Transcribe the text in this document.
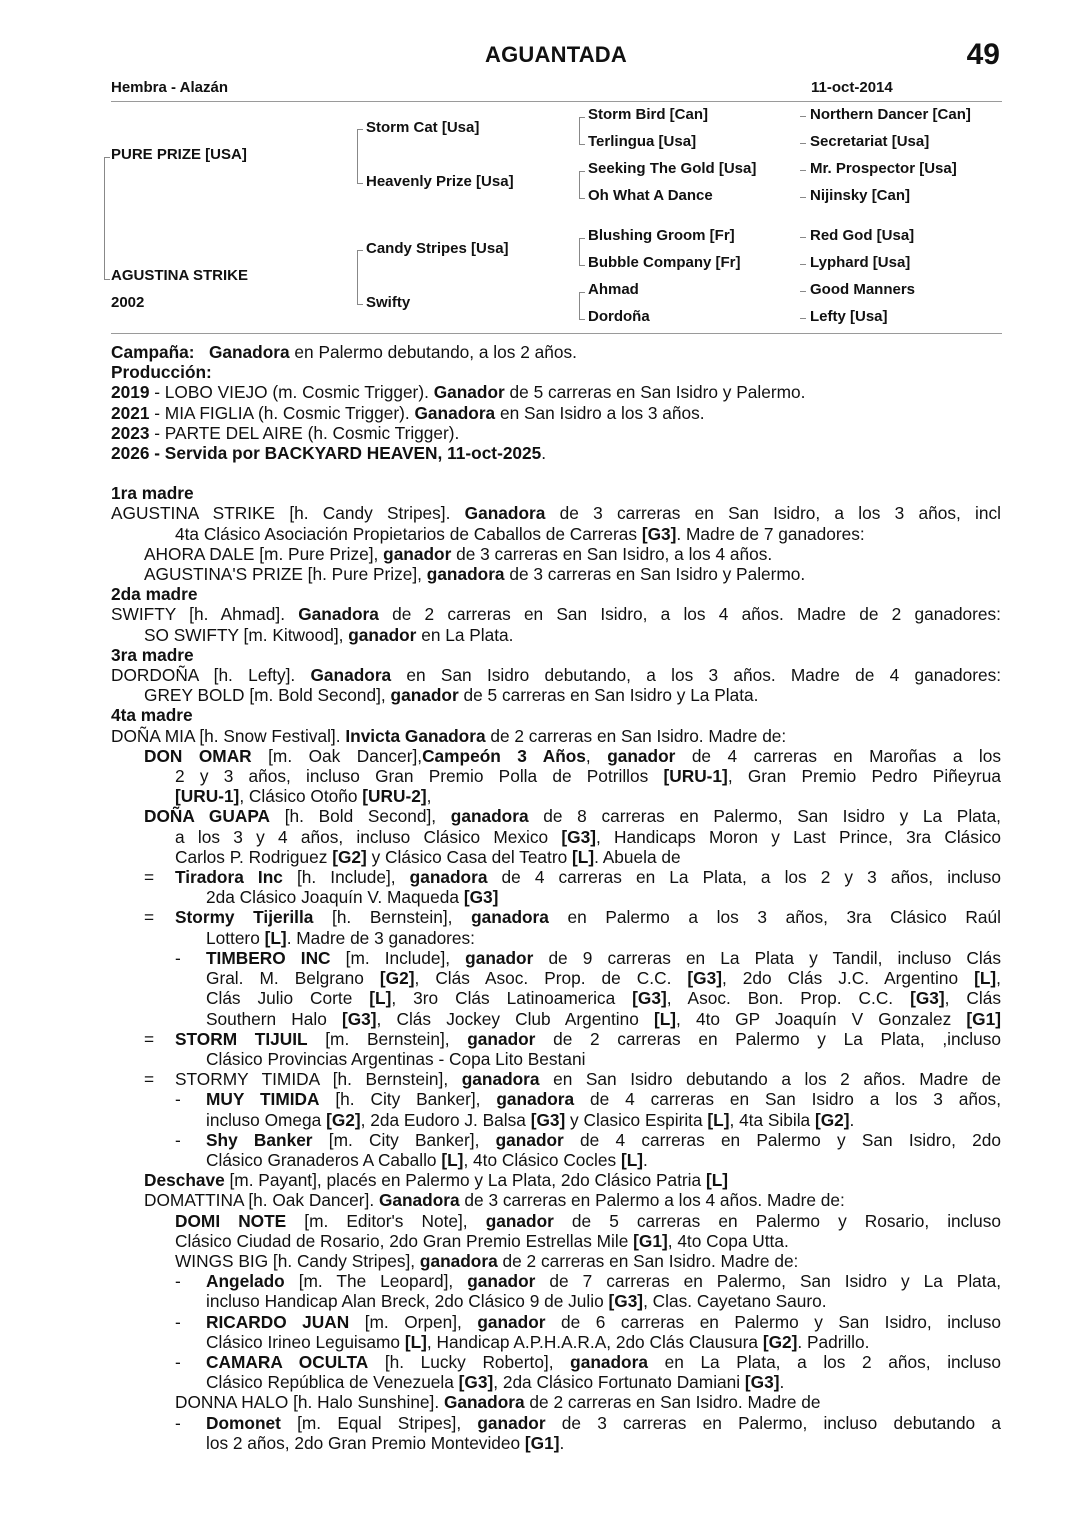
AGUANTADA	49
Hembra - Alazán	11-oct-2014
PURE PRIZE [USA]
AGUSTINA STRIKE
2002
Storm Cat [Usa]
Heavenly Prize [Usa]
Candy Stripes [Usa]
Swifty
Storm Bird [Can]
Terlingua [Usa]
Seeking The Gold [Usa]
Oh What A Dance
Blushing Groom [Fr]
Bubble Company [Fr]
Ahmad
Dordoña
Northern Dancer [Can]
Secretariat [Usa]
Mr. Prospector [Usa]
Nijinsky [Can]
Red God [Usa]
Lyphard [Usa]
Good Manners
Lefty [Usa]
Campaña: Ganadora en Palermo debutando, a los 2 años.
Producción:
2019 - LOBO VIEJO (m. Cosmic Trigger). Ganador de 5 carreras en San Isidro y Palermo.
2021 - MIA FIGLIA (h. Cosmic Trigger). Ganadora en San Isidro a los 3 años.
2023 - PARTE DEL AIRE (h. Cosmic Trigger).
2026 - Servida por BACKYARD HEAVEN, 11-oct-2025.
1ra madre
AGUSTINA STRIKE [h. Candy Stripes]. Ganadora de 3 carreras en San Isidro, a los 3 años, incl
4ta Clásico Asociación Propietarios de Caballos de Carreras [G3]. Madre de 7 ganadores:
AHORA DALE [m. Pure Prize], ganador de 3 carreras en San Isidro, a los 4 años.
AGUSTINA'S PRIZE [h. Pure Prize], ganadora de 3 carreras en San Isidro y Palermo.
2da madre
SWIFTY [h. Ahmad]. Ganadora de 2 carreras en San Isidro, a los 4 años. Madre de 2 ganadores:
SO SWIFTY [m. Kitwood], ganador en La Plata.
3ra madre
DORDOÑA [h. Lefty]. Ganadora en San Isidro debutando, a los 3 años. Madre de 4 ganadores:
GREY BOLD [m. Bold Second], ganador de 5 carreras en San Isidro y La Plata.
4ta madre
DOÑA MIA [h. Snow Festival]. Invicta Ganadora de 2 carreras en San Isidro. Madre de:
DON OMAR [m. Oak Dancer],Campeón 3 Años, ganador de 4 carreras en Maroñas a los
2 y 3 años, incluso Gran Premio Polla de Potrillos [URU-1], Gran Premio Pedro Piñeyrua
[URU-1], Clásico Otoño [URU-2],
DOÑA GUAPA [h. Bold Second], ganadora de 8 carreras en Palermo, San Isidro y La Plata,
a los 3 y 4 años, incluso Clásico Mexico [G3], Handicaps Moron y Last Prince, 3ra Clásico
Carlos P. Rodriguez [G2] y Clásico Casa del Teatro [L]. Abuela de
= Tiradora Inc [h. Include], ganadora de 4 carreras en La Plata, a los 2 y 3 años, incluso
2da Clásico Joaquín V. Maqueda [G3]
= Stormy Tijerilla [h. Bernstein], ganadora en Palermo a los 3 años, 3ra Clásico Raúl
Lottero [L]. Madre de 3 ganadores:
- TIMBERO INC [m. Include], ganador de 9 carreras en La Plata y Tandil, incluso Clás
Gral. M. Belgrano [G2], Clás Asoc. Prop. de C.C. [G3], 2do Clás J.C. Argentino [L],
Clás Julio Corte [L], 3ro Clás Latinoamerica [G3], Asoc. Bon. Prop. C.C. [G3], Clás
Southern Halo [G3], Clás Jockey Club Argentino [L], 4to GP Joaquín V Gonzalez [G1]
= STORM TIJUIL [m. Bernstein], ganador de 2 carreras en Palermo y La Plata, ,incluso
Clásico Provincias Argentinas - Copa Lito Bestani
= STORMY TIMIDA [h. Bernstein], ganadora en San Isidro debutando a los 2 años. Madre de
- MUY TIMIDA [h. City Banker], ganadora de 4 carreras en San Isidro a los 3 años,
incluso Omega [G2], 2da Eudoro J. Balsa [G3] y Clasico Espirita [L], 4ta Sibila [G2].
- Shy Banker [m. City Banker], ganador de 4 carreras en Palermo y San Isidro, 2do
Clásico Granaderos A Caballo [L], 4to Clásico Cocles [L].
Deschave [m. Payant], placés en Palermo y La Plata, 2do Clásico Patria [L]
DOMATTINA [h. Oak Dancer]. Ganadora de 3 carreras en Palermo a los 4 años. Madre de:
DOMI NOTE [m. Editor's Note], ganador de 5 carreras en Palermo y Rosario, incluso
Clásico Ciudad de Rosario, 2do Gran Premio Estrellas Mile [G1], 4to Copa Utta.
WINGS BIG [h. Candy Stripes], ganadora de 2 carreras en San Isidro. Madre de:
- Angelado [m. The Leopard], ganador de 7 carreras en Palermo, San Isidro y La Plata,
incluso Handicap Alan Breck, 2do Clásico 9 de Julio [G3], Clas. Cayetano Sauro.
- RICARDO JUAN [m. Orpen], ganador de 6 carreras en Palermo y San Isidro, incluso
Clásico Irineo Leguisamo [L], Handicap A.P.H.A.R.A, 2do Clás Clausura [G2]. Padrillo.
- CAMARA OCULTA [h. Lucky Roberto], ganadora en La Plata, a los 2 años, incluso
Clásico República de Venezuela [G3], 2da Clásico Fortunato Damiani [G3].
DONNA HALO [h. Halo Sunshine]. Ganadora de 2 carreras en San Isidro. Madre de
- Domonet [m. Equal Stripes], ganador de 3 carreras en Palermo, incluso debutando a
los 2 años, 2do Gran Premio Montevideo [G1].
